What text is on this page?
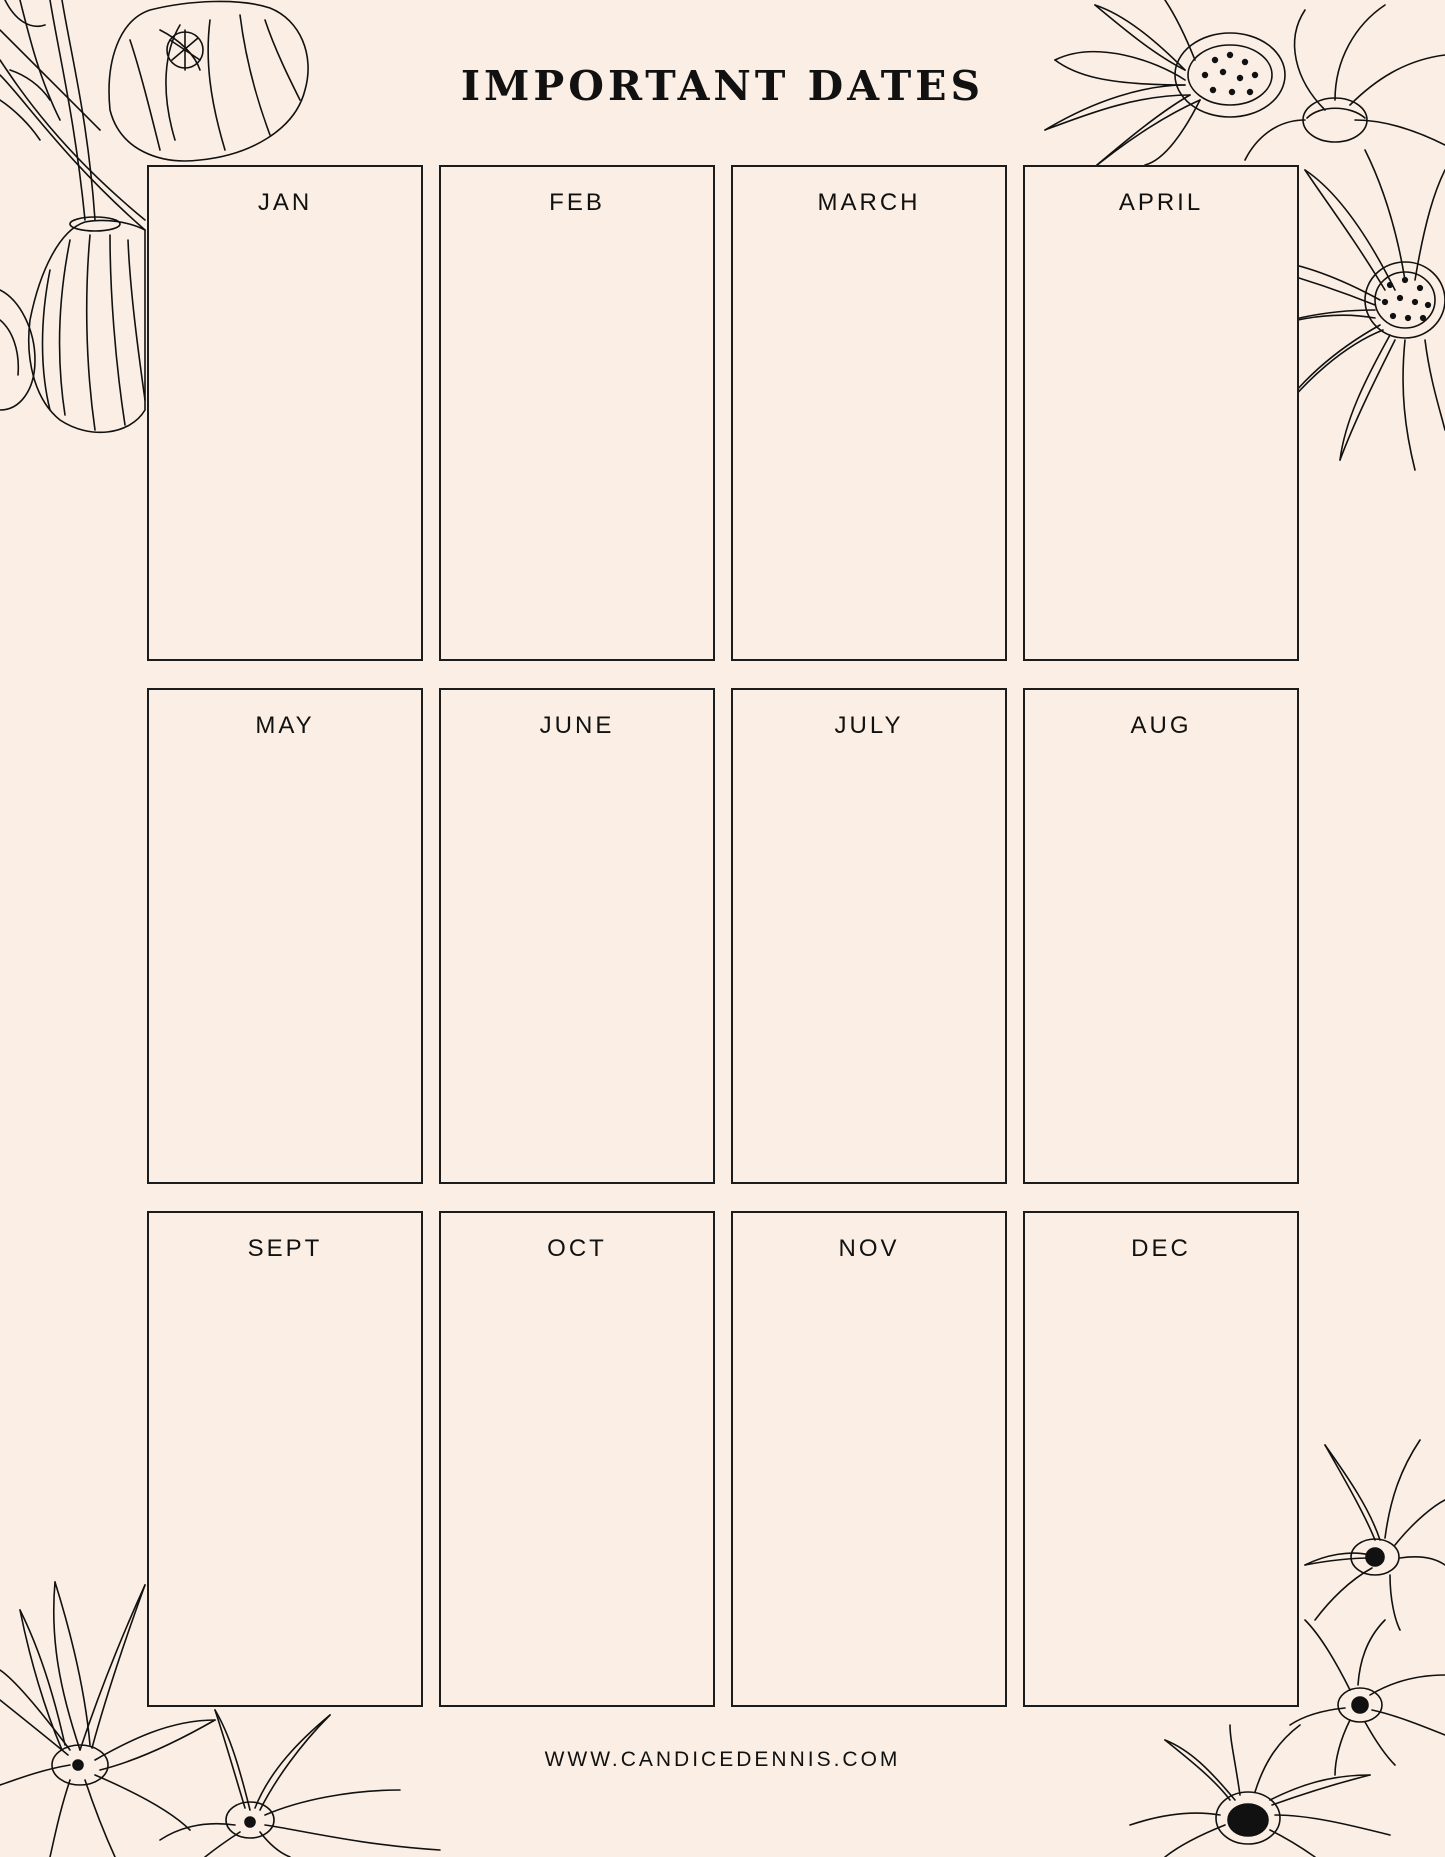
IMPORTANT DATES
JAN	FEB	MARCH	APRIL
MAY	JUNE	JULY	AUG
SEPT	OCT	NOV	DEC
WWW.CANDICEDENNIS.COM
